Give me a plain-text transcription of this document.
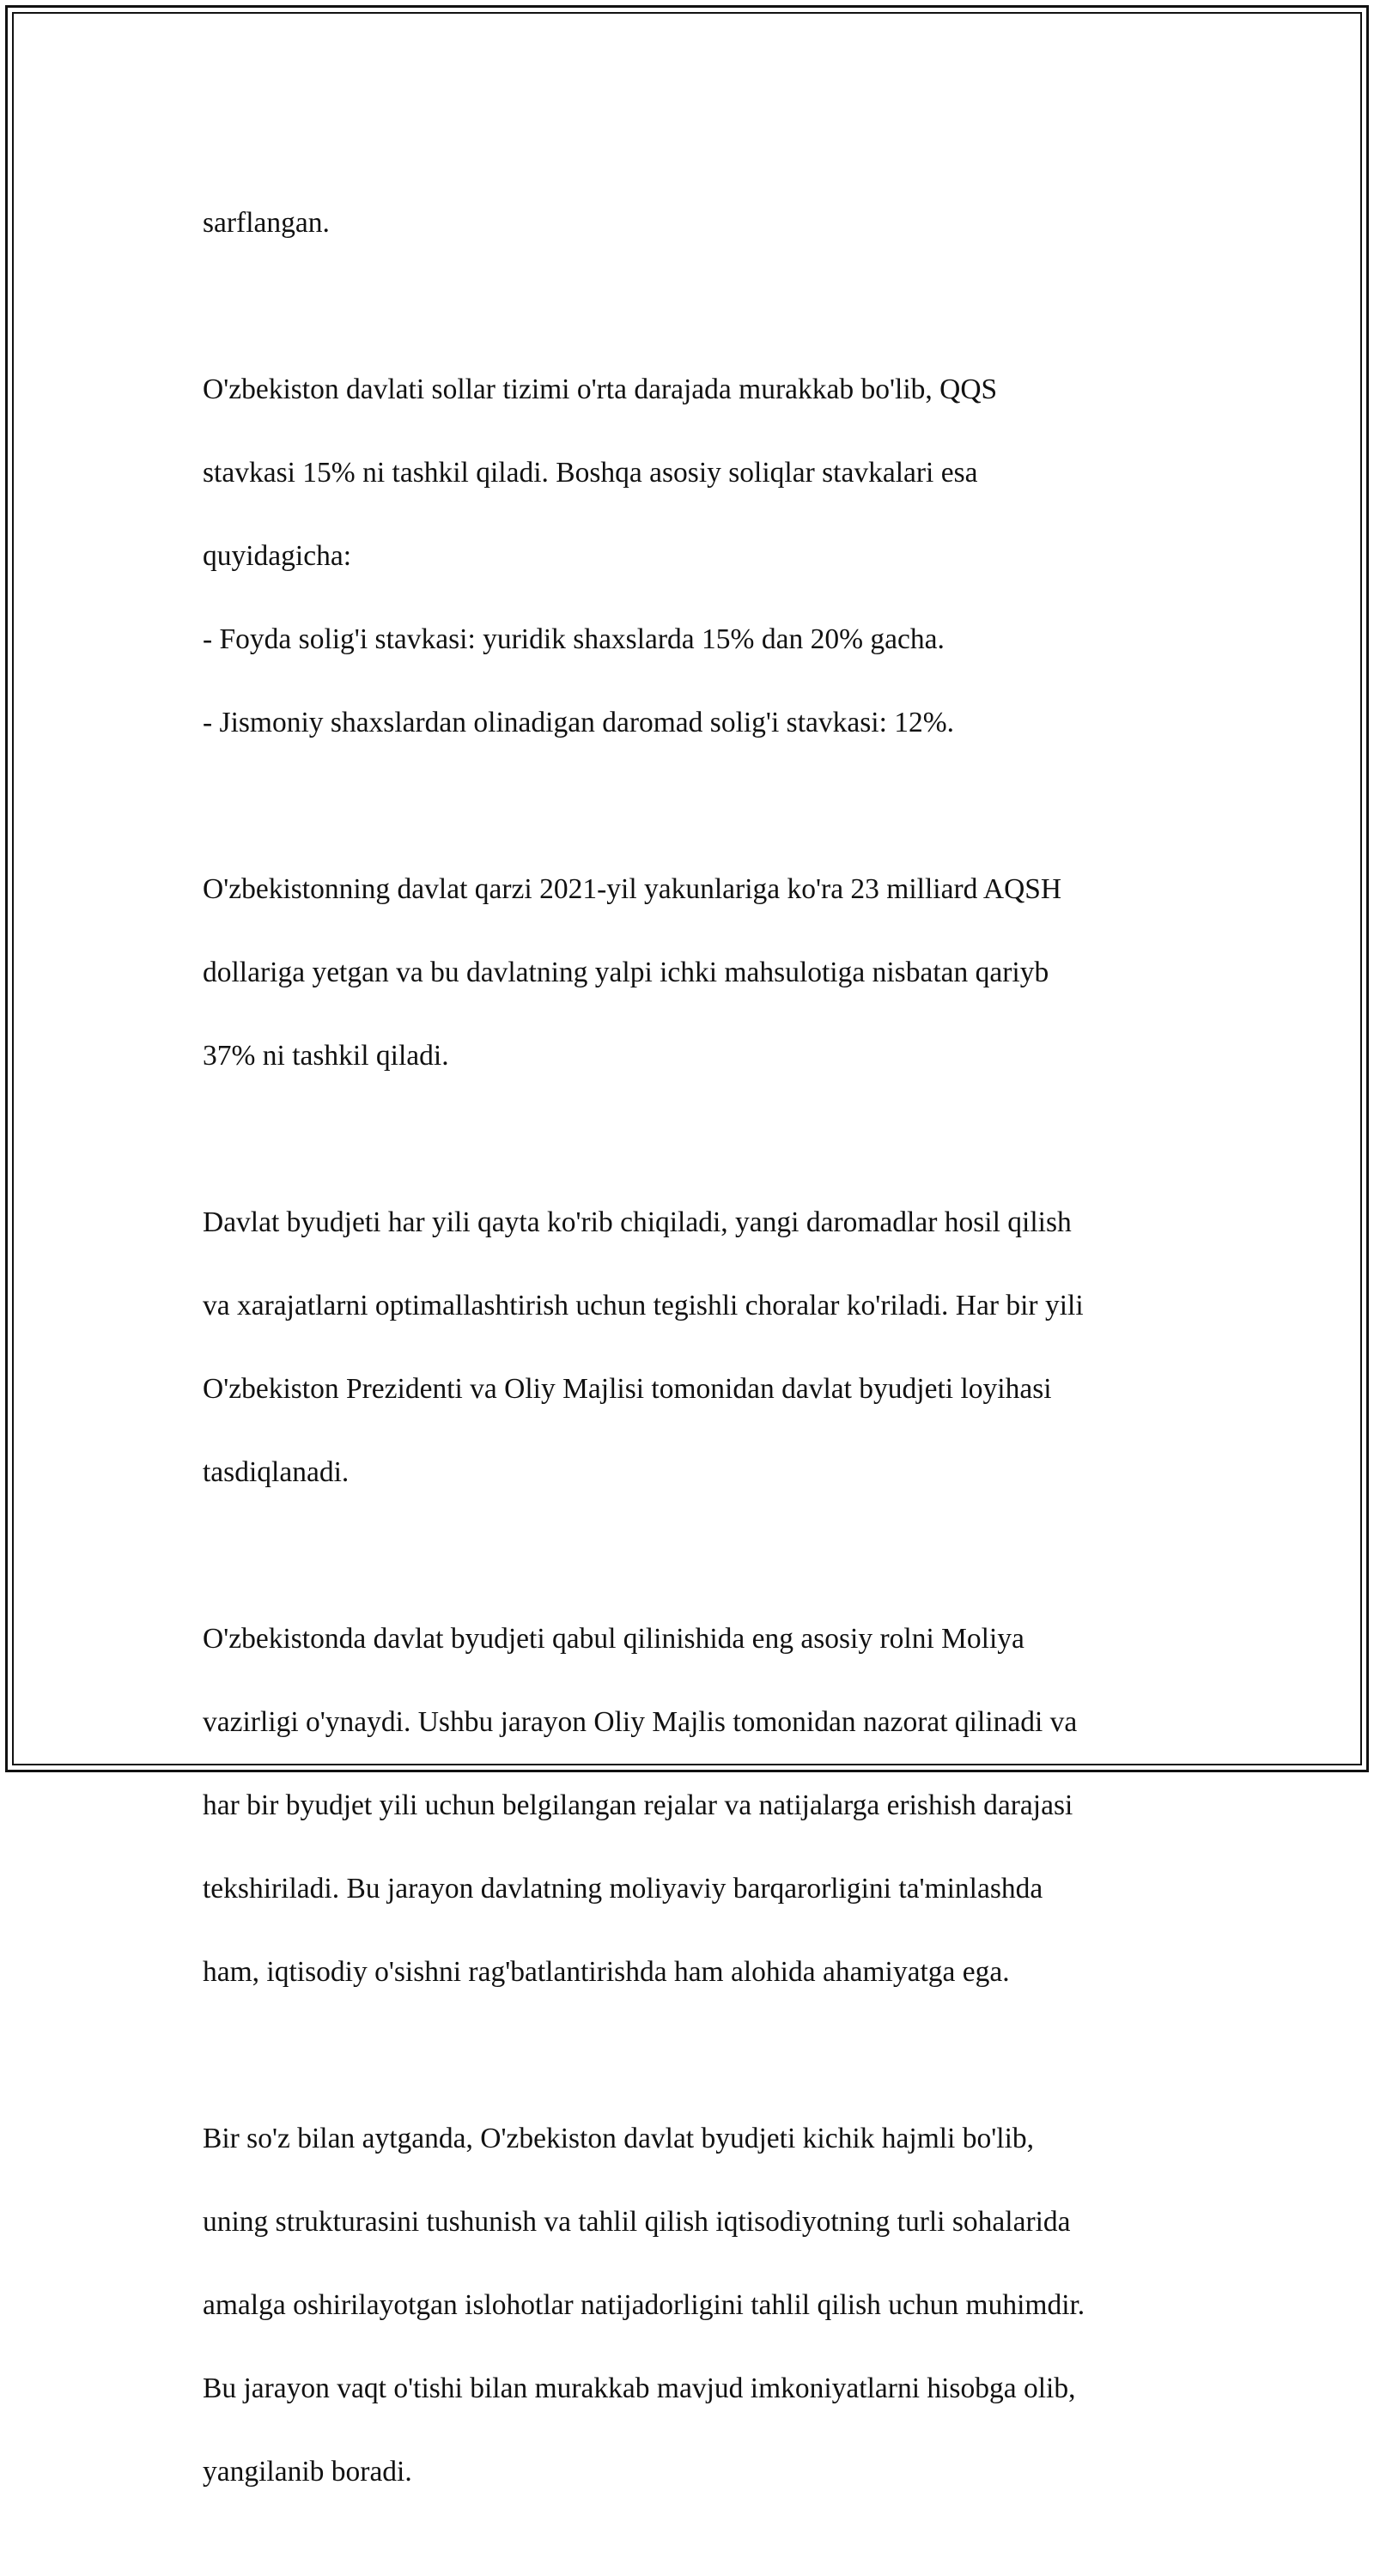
sarflangan.

O'zbekiston davlati sollar tizimi o'rta darajada murakkab bo'lib, QQS

stavkasi 15% ni tashkil qiladi. Boshqa asosiy soliqlar stavkalari esa

quyidagicha:

- Foyda solig'i stavkasi: yuridik shaxslarda 15% dan 20% gacha.

- Jismoniy shaxslardan olinadigan daromad solig'i stavkasi: 12%.

O'zbekistonning davlat qarzi 2021-yil yakunlariga ko'ra 23 milliard AQSH

dollariga yetgan va bu davlatning yalpi ichki mahsulotiga nisbatan qariyb

37% ni tashkil qiladi.

Davlat byudjeti har yili qayta ko'rib chiqiladi, yangi daromadlar hosil qilish

va xarajatlarni optimallashtirish uchun tegishli choralar ko'riladi. Har bir yili

O'zbekiston Prezidenti va Oliy Majlisi tomonidan davlat byudjeti loyihasi

tasdiqlanadi.

O'zbekistonda davlat byudjeti qabul qilinishida eng asosiy rolni Moliya

vazirligi o'ynaydi. Ushbu jarayon Oliy Majlis tomonidan nazorat qilinadi va

har bir byudjet yili uchun belgilangan rejalar va natijalarga erishish darajasi

tekshiriladi. Bu jarayon davlatning moliyaviy barqarorligini ta'minlashda

ham, iqtisodiy o'sishni rag'batlantirishda ham alohida ahamiyatga ega.

Bir so'z bilan aytganda, O'zbekiston davlat byudjeti kichik hajmli bo'lib,

uning strukturasini tushunish va tahlil qilish iqtisodiyotning turli sohalarida

amalga oshirilayotgan islohotlar natijadorligini tahlil qilish uchun muhimdir.

Bu jarayon vaqt o'tishi bilan murakkab mavjud imkoniyatlarni hisobga olib,

yangilanib boradi.
